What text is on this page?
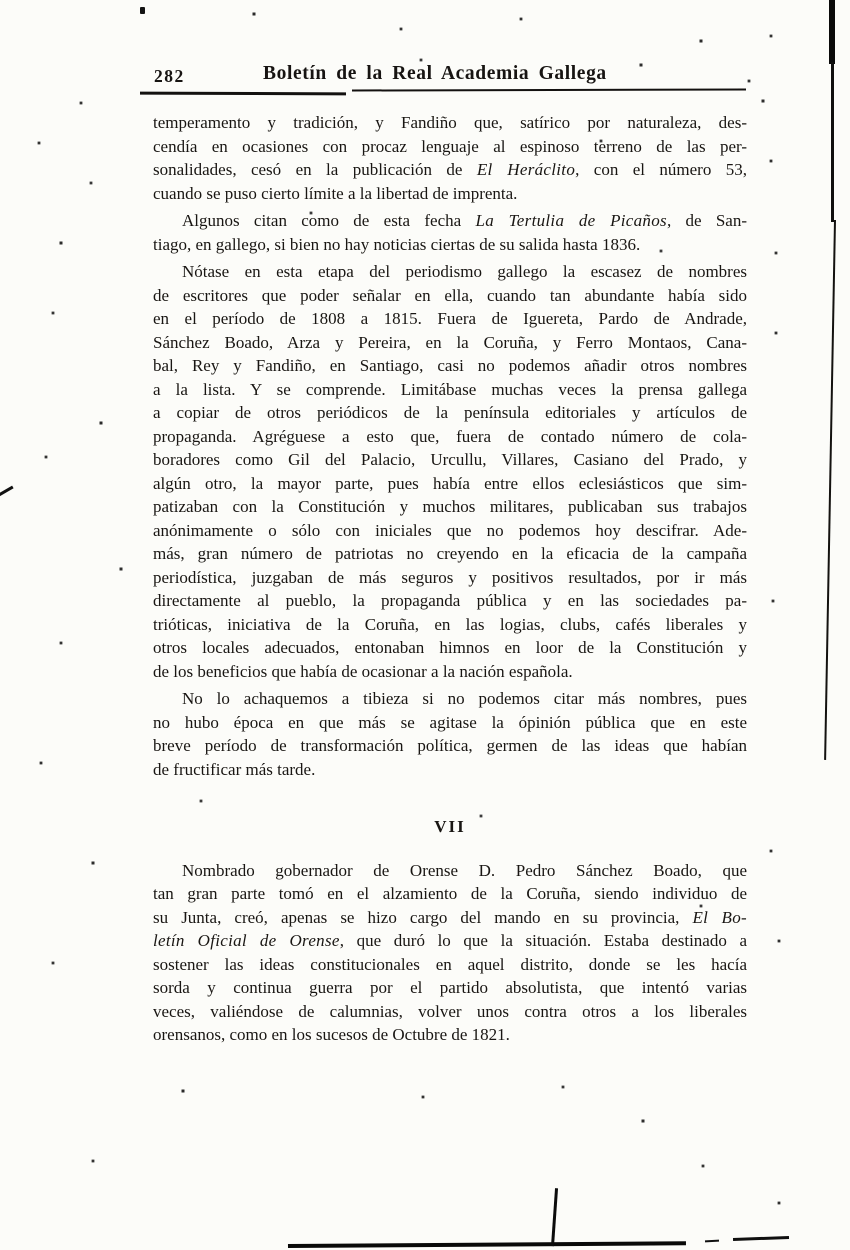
282	Boletín de la Real Academia Gallega
temperamento y tradición, y Fandiño que, satírico por naturaleza, des-
cendía en ocasiones con procaz lenguaje al espinoso terreno de las per-
sonalidades, cesó en la publicación de El Heráclito, con el número 53,
cuando se puso cierto límite a la libertad de imprenta.
Algunos citan como de esta fecha La Tertulia de Picaños, de San-
tiago, en gallego, si bien no hay noticias ciertas de su salida hasta 1836.
Nótase en esta etapa del periodismo gallego la escasez de nombres
de escritores que poder señalar en ella, cuando tan abundante había sido
en el período de 1808 a 1815. Fuera de Iguereta, Pardo de Andrade,
Sánchez Boado, Arza y Pereira, en la Coruña, y Ferro Montaos, Cana-
bal, Rey y Fandiño, en Santiago, casi no podemos añadir otros nombres
a la lista. Y se comprende. Limitábase muchas veces la prensa gallega
a copiar de otros periódicos de la península editoriales y artículos de
propaganda. Agréguese a esto que, fuera de contado número de cola-
boradores como Gil del Palacio, Urcullu, Villares, Casiano del Prado, y
algún otro, la mayor parte, pues había entre ellos eclesiásticos que sim-
patizaban con la Constitución y muchos militares, publicaban sus trabajos
anónimamente o sólo con iniciales que no podemos hoy descifrar. Ade-
más, gran número de patriotas no creyendo en la eficacia de la campaña
periodística, juzgaban de más seguros y positivos resultados, por ir más
directamente al pueblo, la propaganda pública y en las sociedades pa-
trióticas, iniciativa de la Coruña, en las logias, clubs, cafés liberales y
otros locales adecuados, entonaban himnos en loor de la Constitución y
de los beneficios que había de ocasionar a la nación española.
No lo achaquemos a tibieza si no podemos citar más nombres, pues
no hubo época en que más se agitase la ópinión pública que en este
breve período de transformación política, germen de las ideas que habían
de fructificar más tarde.
VII
Nombrado gobernador de Orense D. Pedro Sánchez Boado, que
tan gran parte tomó en el alzamiento de la Coruña, siendo individuo de
su Junta, creó, apenas se hizo cargo del mando en su provincia, El Bo-
letín Oficial de Orense, que duró lo que la situación. Estaba destinado a
sostener las ideas constitucionales en aquel distrito, donde se les hacía
sorda y continua guerra por el partido absolutista, que intentó varias
veces, valiéndose de calumnias, volver unos contra otros a los liberales
orensanos, como en los sucesos de Octubre de 1821.
